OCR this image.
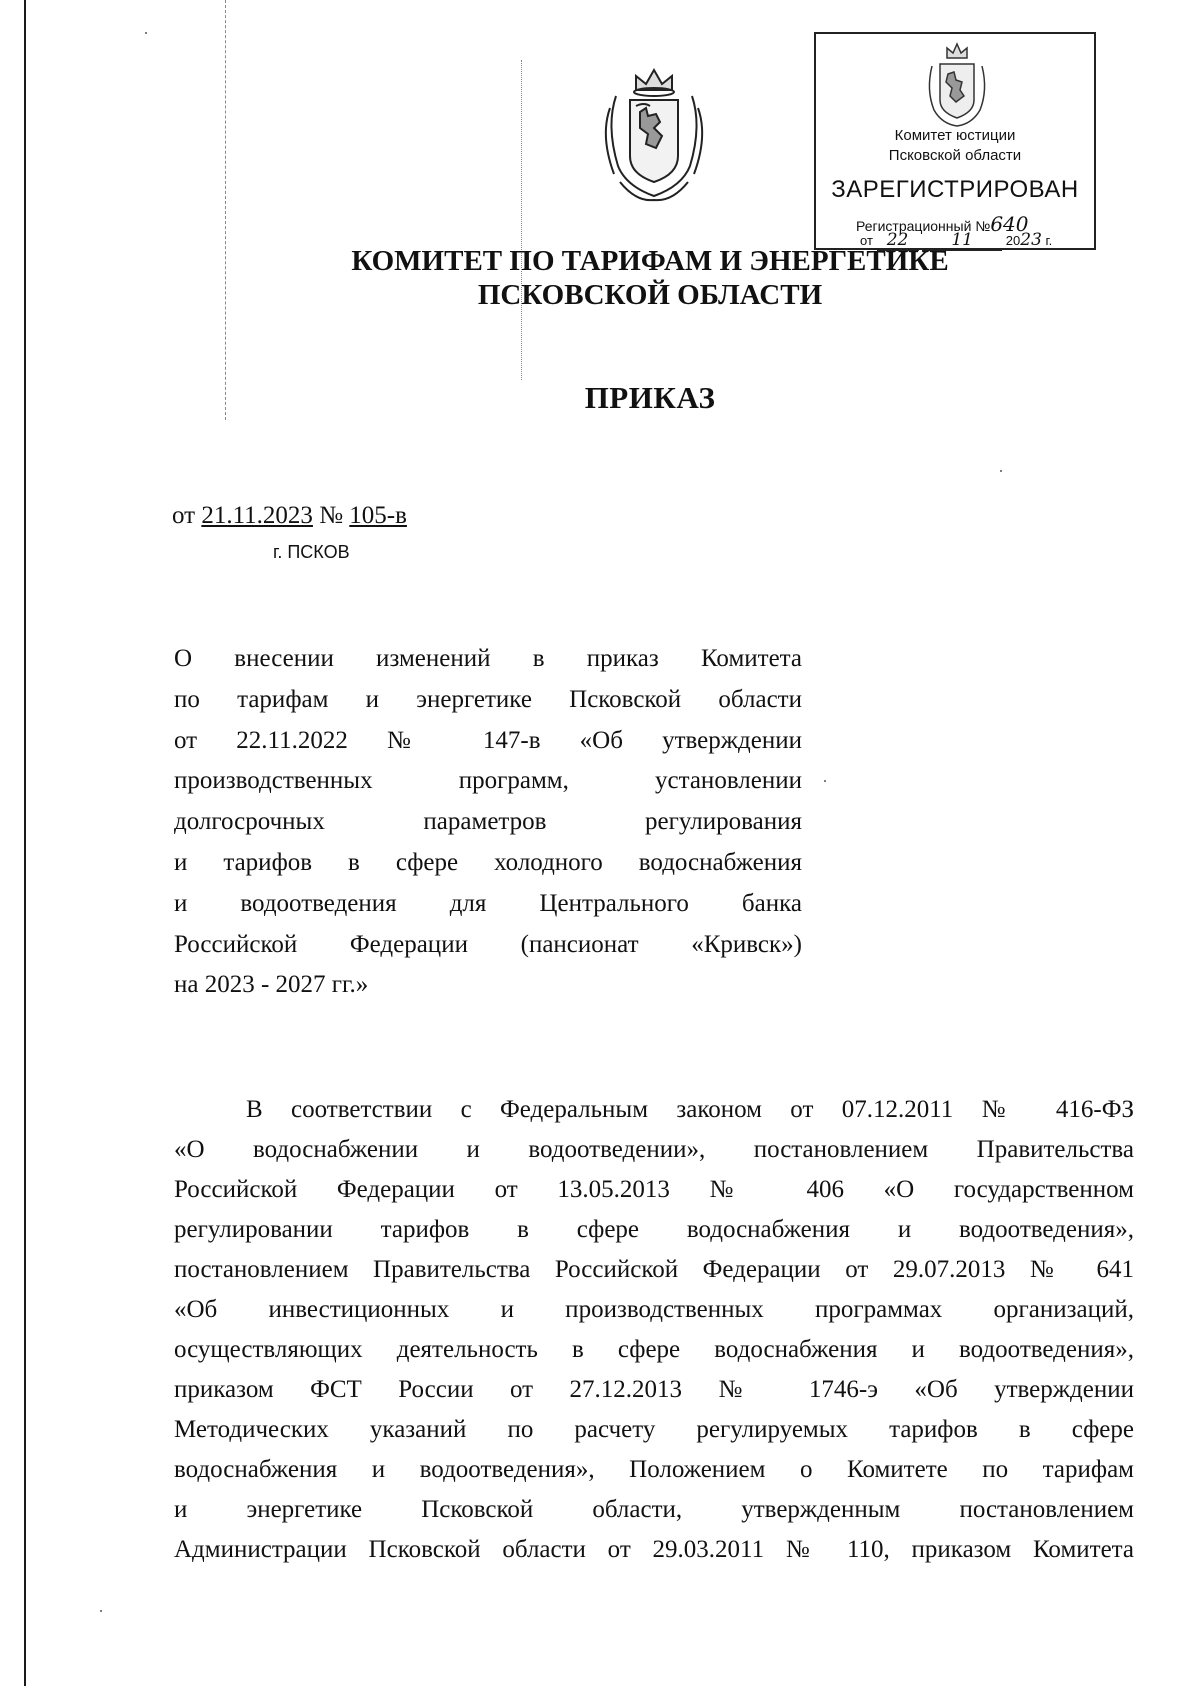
Комитет юстиции
Псковской области
ЗАРЕГИСТРИРОВАН
Регистрационный №640
от 22	11	2023 г.
КОМИТЕТ ПО ТАРИФАМ И ЭНЕРГЕТИКЕ
ПСКОВСКОЙ ОБЛАСТИ
ПРИКАЗ
от 21.11.2023 № 105-в
г. ПСКОВ
О внесении изменений в приказ Комитета
по тарифам и энергетике Псковской области
от 22.11.2022 № 147-в «Об утверждении
производственных программ, установлении
долгосрочных параметров регулирования
и тарифов в сфере холодного водоснабжения
и водоотведения для Центрального банка
Российской Федерации (пансионат «Кривск»)
на 2023 - 2027 гг.»
В соответствии с Федеральным законом от 07.12.2011 № 416-ФЗ
«О водоснабжении и водоотведении», постановлением Правительства
Российской Федерации от 13.05.2013 № 406 «О государственном
регулировании тарифов в сфере водоснабжения и водоотведения»,
постановлением Правительства Российской Федерации от 29.07.2013 № 641
«Об инвестиционных и производственных программах организаций,
осуществляющих деятельность в сфере водоснабжения и водоотведения»,
приказом ФСТ России от 27.12.2013 № 1746-э «Об утверждении
Методических указаний по расчету регулируемых тарифов в сфере
водоснабжения и водоотведения», Положением о Комитете по тарифам
и энергетике Псковской области, утвержденным постановлением
Администрации Псковской области от 29.03.2011 № 110, приказом Комитета
